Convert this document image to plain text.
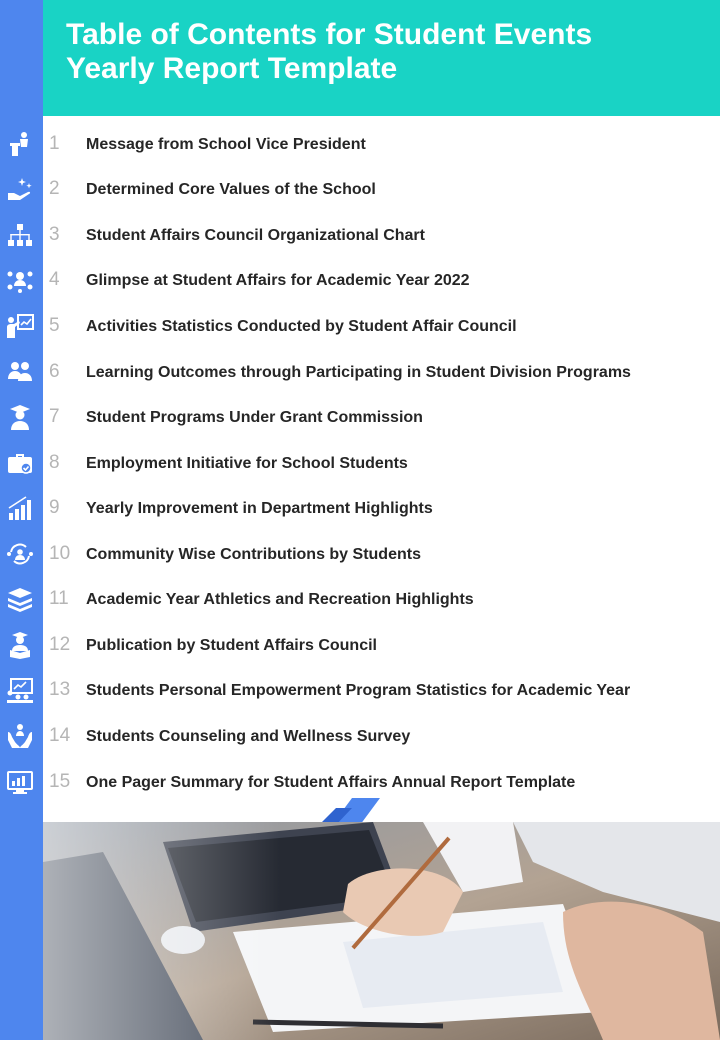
Table of Contents for Student Events
Yearly Report Template
1	Message from School Vice President
2	Determined Core Values of the School
3	Student Affairs Council Organizational Chart
4	Glimpse at Student Affairs for Academic Year 2022
5	Activities Statistics Conducted by Student Affair Council
6	Learning Outcomes through Participating in Student Division Programs
7	Student Programs Under Grant Commission
8	Employment Initiative for School Students
9	Yearly Improvement in Department Highlights
10 Community Wise Contributions by Students
11	Academic Year Athletics and Recreation Highlights
12 Publication by Student Affairs Council
13 Students Personal Empowerment Program Statistics for Academic Year
14 Students Counseling and Wellness Survey
15 One Pager Summary for Student Affairs Annual Report Template
